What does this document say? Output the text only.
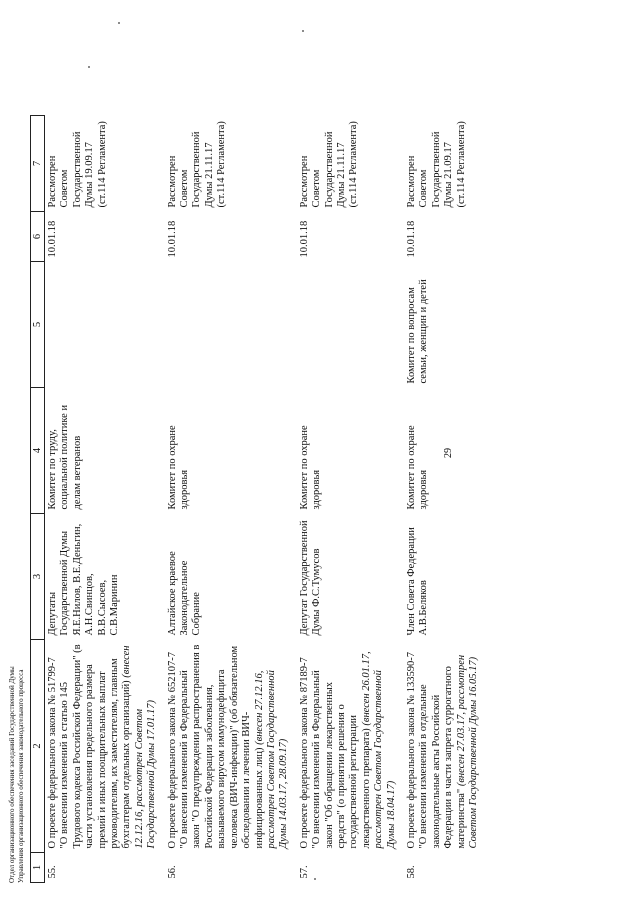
29
1	2	3	4	5	6	7
55.	О проекте федерального закона № 51799-7 "О внесении изменений в статью 145 Трудового кодекса Российской Федерации" (в части установления предельного размера премий и иных поощрительных выплат руководителям, их заместителям, главным бухгалтерам отдельных организаций) (внесен 12.12.16, рассмотрен Советом Государственной Думы 17.01.17)	Депутаты Государственной Думы Я.Е.Нилов, В.Е.Деньгин, А.Н.Свинцов, В.В.Сысоев, С.В.Маринин	Комитет по труду, социальной политике и делам ветеранов		10.01.18	Рассмотрен Советом Государственной Думы 19.09.17 (ст.114 Регламента)
56.	О проекте федерального закона № 652107-7 "О внесении изменений в Федеральный закон "О предупреждении распространения в Российской Федерации заболевания, вызываемого вирусом иммунодефицита человека (ВИЧ-инфекции)" (об обязательном обследовании и лечении ВИЧ-инфицированных лиц) (внесен 27.12.16, рассмотрен Советом Государственной Думы 14.03.17, 28.09.17)	Алтайское краевое Законодательное Собрание	Комитет по охране здоровья		10.01.18	Рассмотрен Советом Государственной Думы 21.11.17 (ст.114 Регламента)
57.	О проекте федерального закона № 87189-7 "О внесении изменений в Федеральный закон "Об обращении лекарственных средств" (о принятии решения о государственной регистрации лекарственного препарата) (внесен 26.01.17, рассмотрен Советом Государственной Думы 18.04.17)	Депутат Государственной Думы Ф.С.Тумусов	Комитет по охране здоровья		10.01.18	Рассмотрен Советом Государственной Думы 21.11.17 (ст.114 Регламента)
58.	О проекте федерального закона № 133590-7 "О внесении изменений в отдельные законодательные акты Российской Федерации в части запрета суррогатного материнства" (внесен 27.03.17, рассмотрен Советом Государственной Думы 16.05.17)	Член Совета Федерации А.В.Беляков	Комитет по охране здоровья	Комитет по вопросам семьи, женщин и детей	10.01.18	Рассмотрен Советом Государственной Думы 21.09.17 (ст.114 Регламента)
Отдел организационного обеспечения заседаний Государственной Думы Управления организационного обеспечения законодательного процесса
